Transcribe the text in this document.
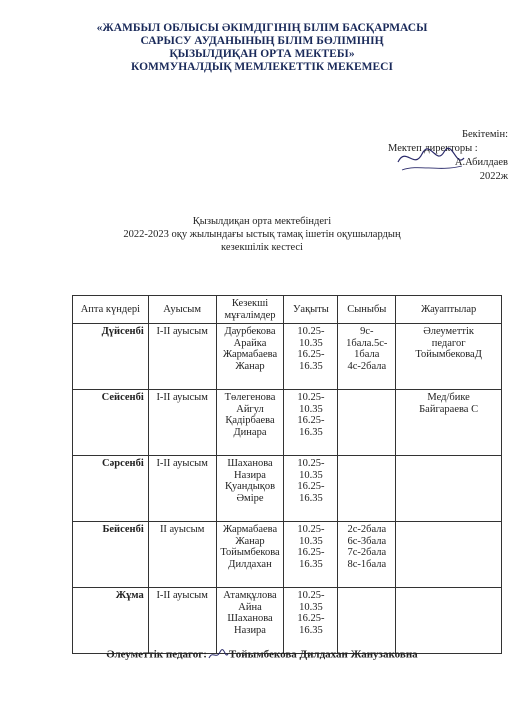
«ЖАМБЫЛ ОБЛЫСЫ ӘКІМДІГІНІҢ БІЛІМ БАСҚАРМАСЫ
САРЫСУ АУДАНЫНЫҢ БІЛІМ БӨЛІМІНІҢ
ҚЫЗЫЛДИҚАН ОРТА МЕКТЕБІ»
КОММУНАЛДЫҚ МЕМЛЕКЕТТІК МЕКЕМЕСІ
Бекітемін:
Мектеп директоры :
А.Абилдаев
2022ж
Қызылдиқан орта мектебіндегі
2022-2023 оқу жылындағы ыстық тамақ ішетін оқушылардың
кезекшілік кестесі
Апта күндері	Ауысым	Кезекші мұғалімдер	Уақыты	Сыныбы	Жауаптылар
Дүйсенбі	I-II ауысым	Даурбекова
Арайка
Жармабаева
Жанар	10.25-
10.35
16.25-
16.35	9с-
1бала.5с-
1бала
4с-2бала	Әлеуметтік
педагог
ТойымбековаД

Сейсенбі	I-II ауысым	Төлегенова
Айгул
Қадірбаева
Динара	10.25-
10.35
16.25-
16.35		Мед/бике
Байгараева С

Сәрсенбі	I-II ауысым	Шаханова
Назира
Қуандықов
Әміре	10.25-
10.35
16.25-
16.35		

Бейсенбі	II ауысым	Жармабаева
Жанар
Тойымбекова
Дилдахан	10.25-
10.35
16.25-
16.35	2с-2бала
6с-3бала
7с-2бала
8с-1бала	

Жұма	I-II ауысым	Атамқұлова
Айна
Шаханова
Назира	10.25-
10.35
16.25-
16.35		

Әлеуметтік педагог: Тойымбекова Дилдахан Жанузаковна
